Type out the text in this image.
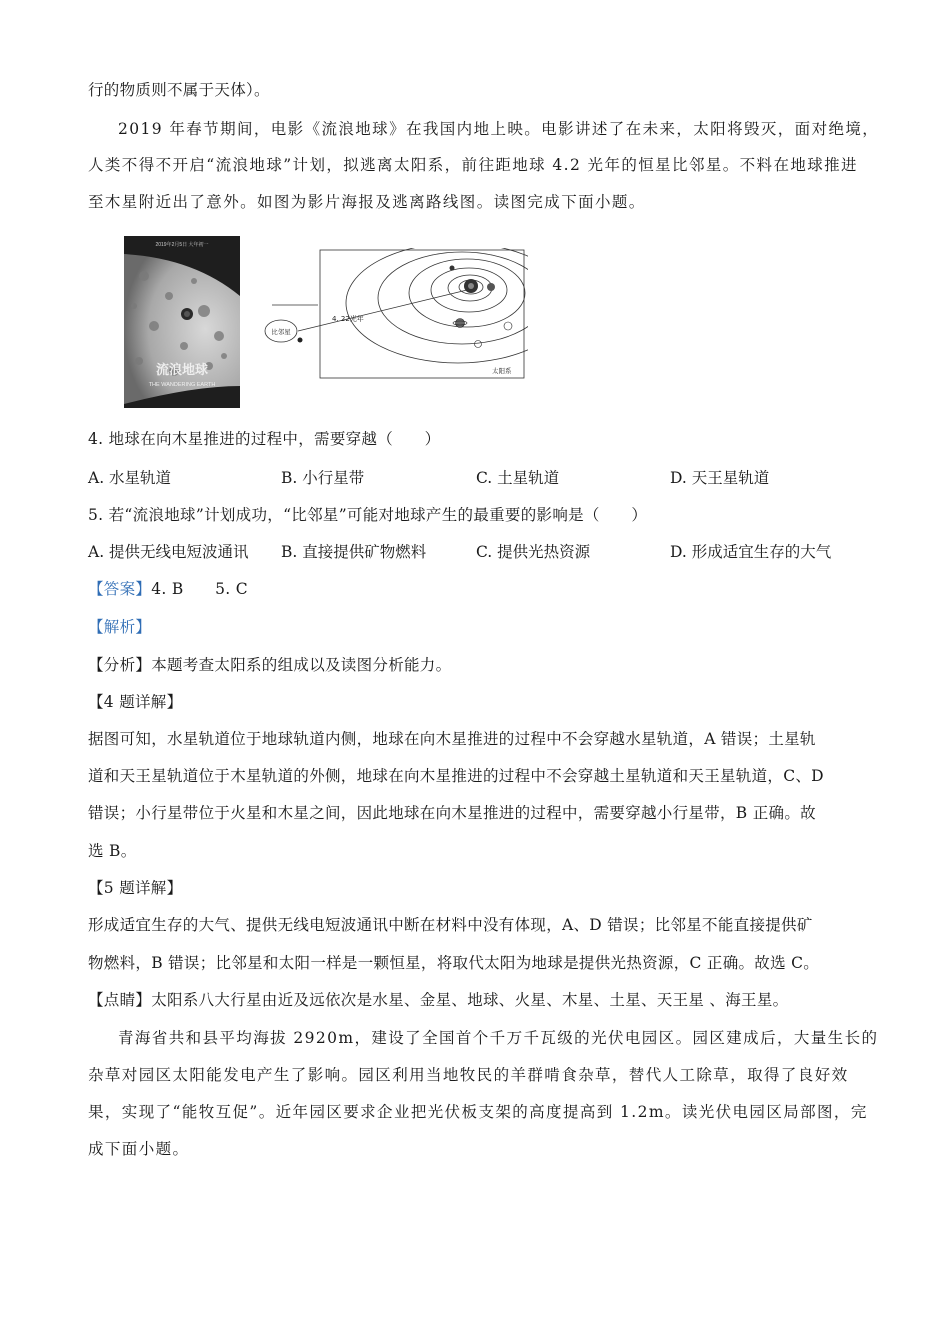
行的物质则不属于天体）。
2019 年春节期间，电影《流浪地球》在我国内地上映。电影讲述了在未来，太阳将毁灭，面对绝境，
人类不得不开启“流浪地球”计划，拟逃离太阳系，前往距地球 4.2 光年的恒星比邻星。不料在地球推进
至木星附近出了意外。如图为影片海报及逃离路线图。读图完成下面小题。
2019年2月5日 大年初一
流浪地球
THE WANDERING EARTH
比邻星
4. 22光年
太阳系
4. 地球在向木星推进的过程中，需要穿越（　　）
A. 水星轨道	B. 小行星带	C. 土星轨道	D. 天王星轨道
5. 若“流浪地球”计划成功，“比邻星”可能对地球产生的最重要的影响是（　　）
A. 提供无线电短波通讯 B. 直接提供矿物燃料	C. 提供光热资源	D. 形成适宜生存的大气
【答案】4. B　　5. C
【解析】
【分析】本题考查太阳系的组成以及读图分析能力。
【4 题详解】
据图可知，水星轨道位于地球轨道内侧，地球在向木星推进的过程中不会穿越水星轨道，A 错误；土星轨
道和天王星轨道位于木星轨道的外侧，地球在向木星推进的过程中不会穿越土星轨道和天王星轨道，C、D
错误；小行星带位于火星和木星之间，因此地球在向木星推进的过程中，需要穿越小行星带，B 正确。故
选 B。
【5 题详解】
形成适宜生存的大气、提供无线电短波通讯中断在材料中没有体现，A、D 错误；比邻星不能直接提供矿
物燃料，B 错误；比邻星和太阳一样是一颗恒星，将取代太阳为地球是提供光热资源，C 正确。故选 C。
【点睛】太阳系八大行星由近及远依次是水星、金星、地球、火星、木星、土星、天王星 、海王星。
青海省共和县平均海拔 2920m，建设了全国首个千万千瓦级的光伏电园区。园区建成后，大量生长的
杂草对园区太阳能发电产生了影响。园区利用当地牧民的羊群啃食杂草，替代人工除草，取得了良好效
果，实现了“能牧互促”。近年园区要求企业把光伏板支架的高度提高到 1.2m。读光伏电园区局部图，完
成下面小题。
